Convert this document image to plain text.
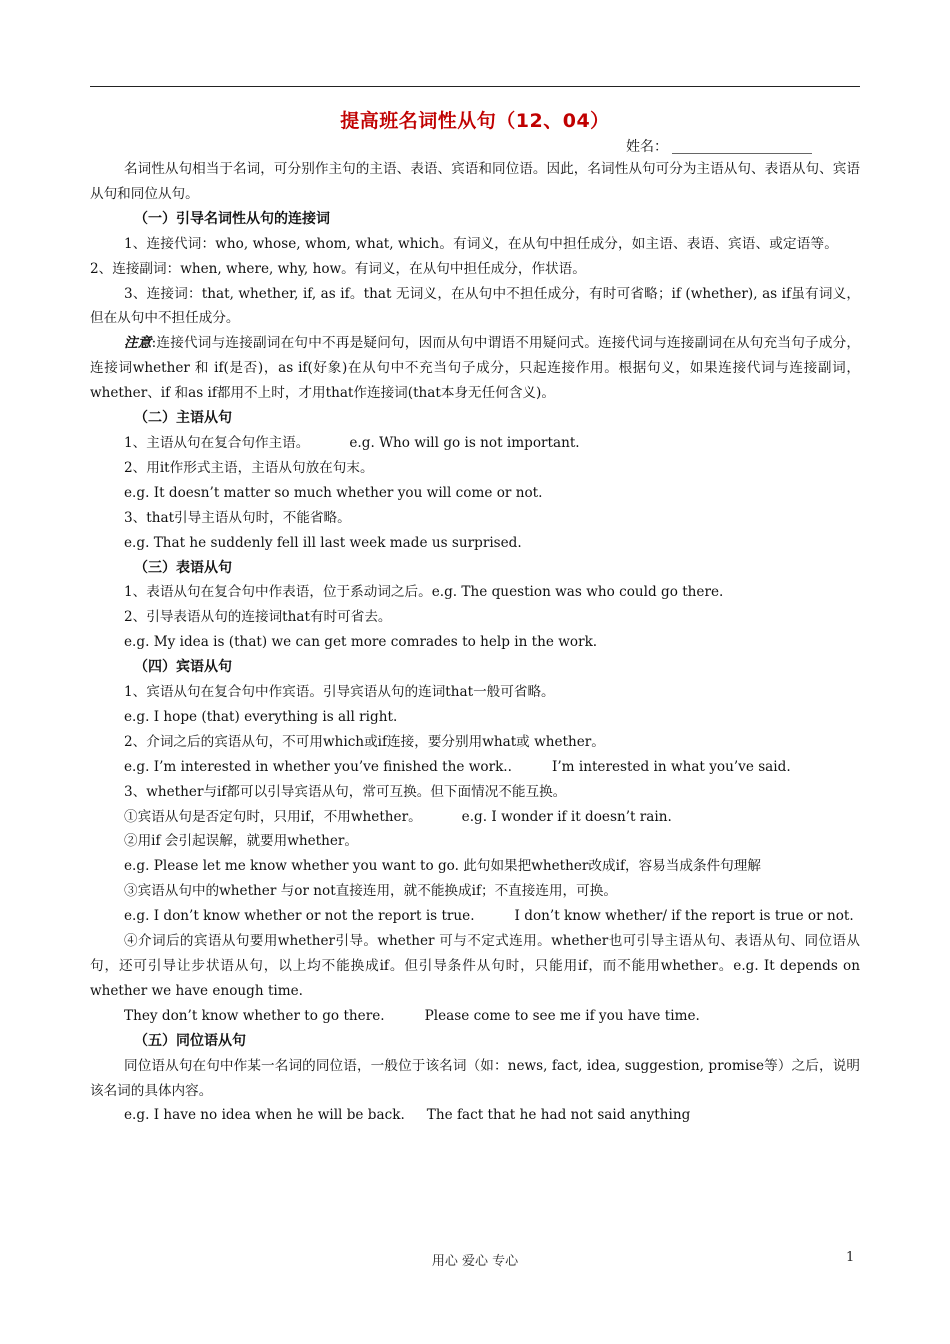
提高班名词性从句（12、04）
姓名：

名词性从句相当于名词，可分别作主句的主语、表语、宾语和同位语。因此，名词性从句可分为主语从句、表语从句、宾语从句和同位从句。

（一）引导名词性从句的连接词

1、连接代词：who, whose, whom, what, which。有词义，在从句中担任成分，如主语、表语、宾语、或定语等。2、连接副词：when, where, why, how。有词义，在从句中担任成分，作状语。

3、连接词：that, whether, if, as if。that 无词义，在从句中不担任成分，有时可省略；if (whether), as if虽有词义，但在从句中不担任成分。

注意:连接代词与连接副词在句中不再是疑问句，因而从句中谓语不用疑问式。连接代词与连接副词在从句充当句子成分，连接词whether 和 if(是否)，as if(好象)在从句中不充当句子成分，只起连接作用。根据句义，如果连接代词与连接副词，whether、if 和as if都用不上时，才用that作连接词(that本身无任何含义)。

（二）主语从句

1、主语从句在复合句作主语。	e.g. Who will go is not important.

2、用it作形式主语，主语从句放在句末。

e.g. It doesn’t matter so much whether you will come or not.

3、that引导主语从句时，不能省略。

e.g. That he suddenly fell ill last week made us surprised.

（三）表语从句

1、表语从句在复合句中作表语，位于系动词之后。e.g. The question was who could go there.

2、引导表语从句的连接词that有时可省去。

e.g. My idea is (that) we can get more comrades to help in the work.

（四）宾语从句

1、宾语从句在复合句中作宾语。引导宾语从句的连词that一般可省略。

e.g. I hope (that) everything is all right.

2、介词之后的宾语从句，不可用which或if连接，要分别用what或 whether。

e.g. I’m interested in whether you’ve finished the work..	I’m interested in what you’ve said.

3、whether与if都可以引导宾语从句，常可互换。但下面情况不能互换。

①宾语从句是否定句时，只用if，不用whether。	e.g. I wonder if it doesn’t rain.

②用if 会引起误解，就要用whether。

e.g. Please let me know whether you want to go. 此句如果把whether改成if，容易当成条件句理解

③宾语从句中的whether 与or not直接连用，就不能换成if；不直接连用，可换。

e.g. I don’t know whether or not the report is true.	I don’t know whether/ if the report is true or not.

④介词后的宾语从句要用whether引导。whether 可与不定式连用。whether也可引导主语从句、表语从句、同位语从句，还可引导让步状语从句，以上均不能换成if。但引导条件从句时，只能用if，而不能用whether。e.g. It depends on whether we have enough time.

They don’t know whether to go there.	Please come to see me if you have time.

（五）同位语从句

同位语从句在句中作某一名词的同位语，一般位于该名词（如：news, fact, idea, suggestion, promise等）之后，说明该名词的具体内容。

e.g. I have no idea when he will be back. The fact that he had not said anything

用心 爱心 专心	1
